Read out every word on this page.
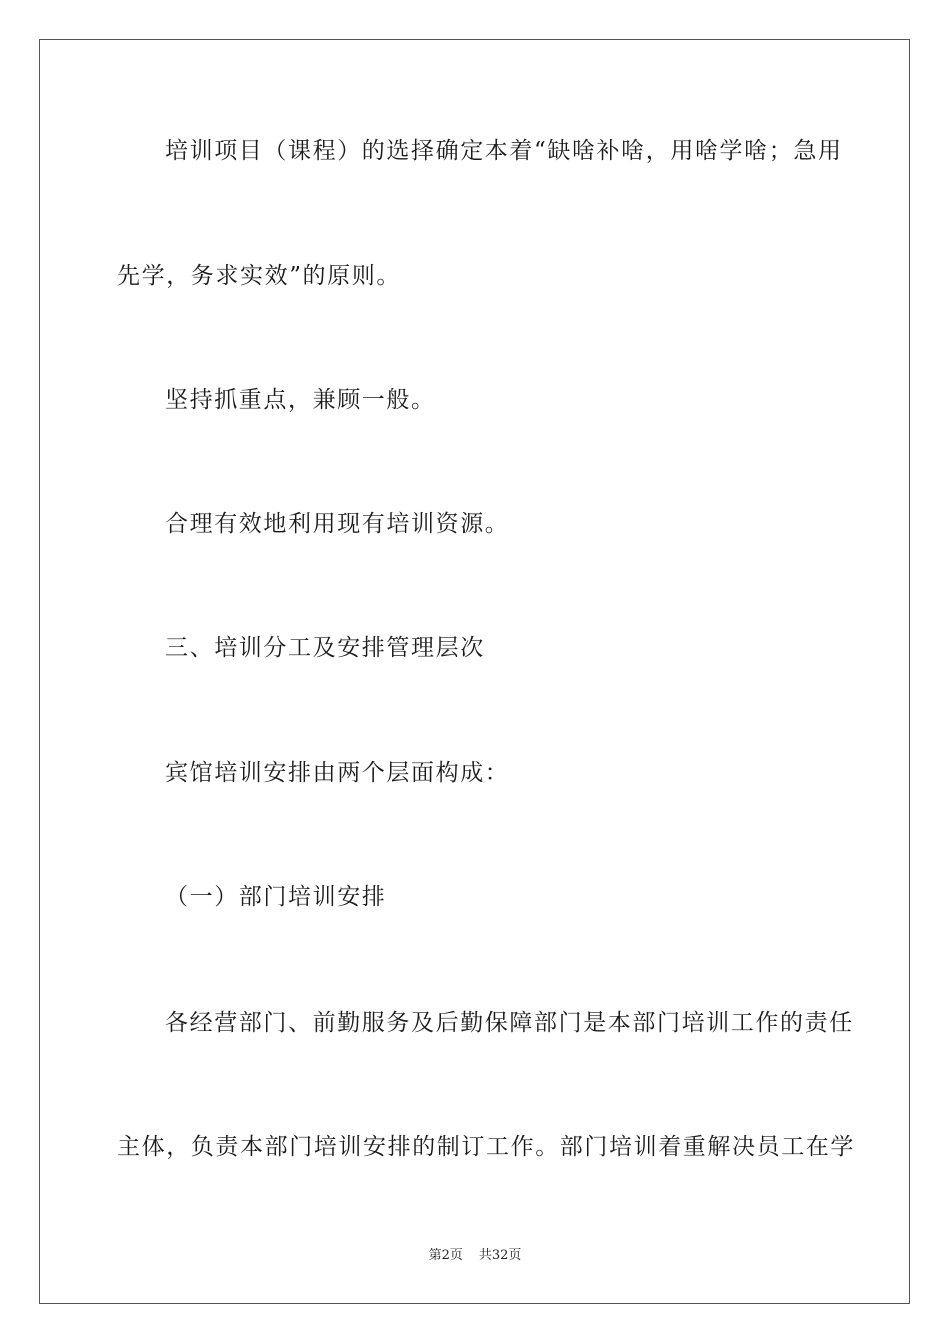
培训项目（课程）的选择确定本着“缺啥补啥，用啥学啥；急用
先学，务求实效”的原则。
坚持抓重点，兼顾一般。
合理有效地利用现有培训资源。
三、培训分工及安排管理层次
宾馆培训安排由两个层面构成：
（一）部门培训安排
各经营部门、前勤服务及后勤保障部门是本部门培训工作的责任
主体，负责本部门培训安排的制订工作。部门培训着重解决员工在学
第2页 共32页
